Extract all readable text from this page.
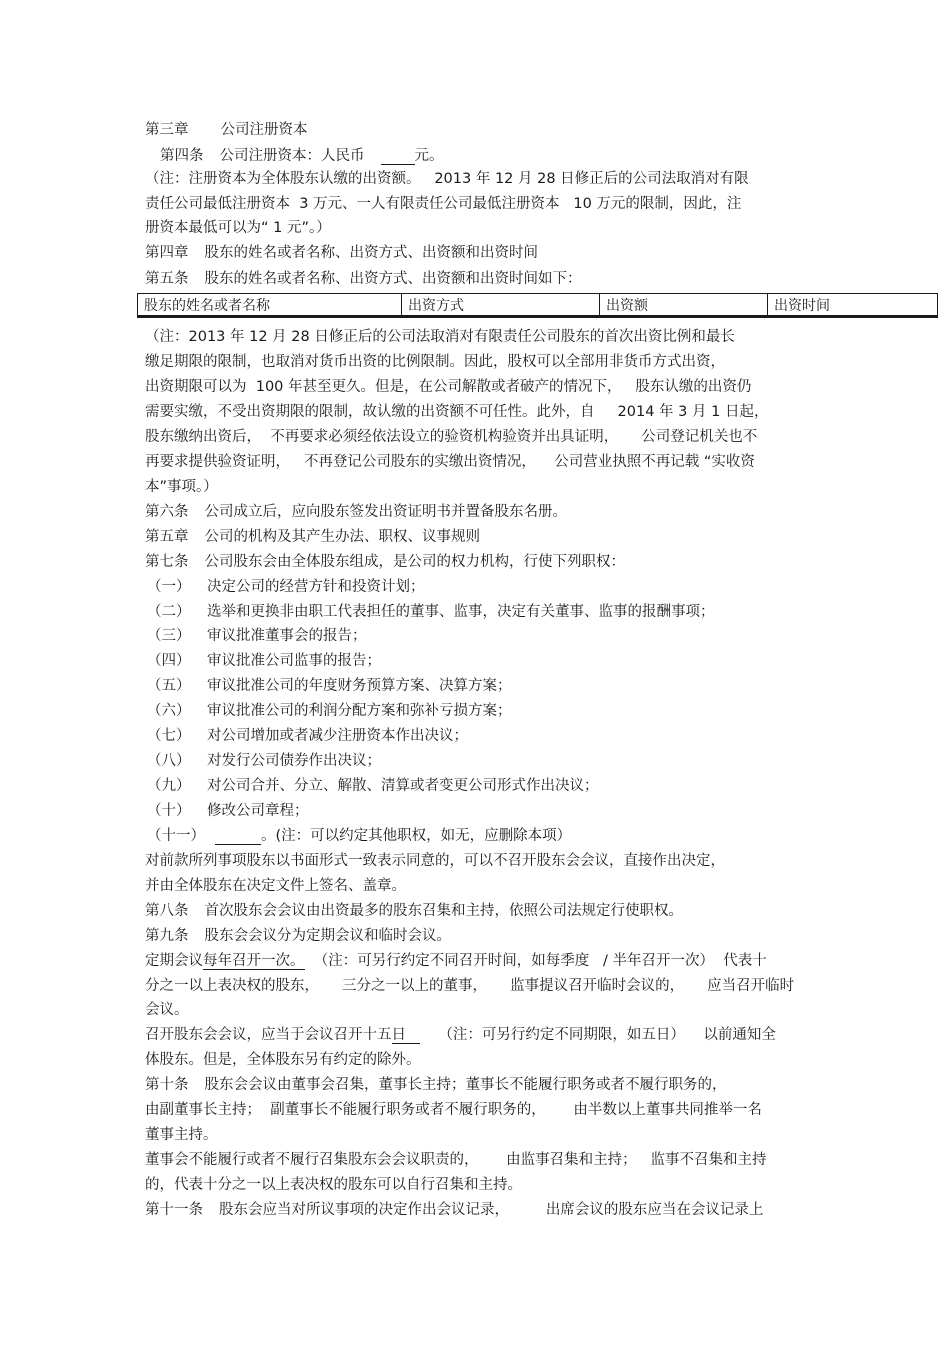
第三章 公司注册资本
第四条 公司注册资本：人民币	元。
（注：注册资本为全体股东认缴的出资额。   2013 年 12 月 28 日修正后的公司法取消对有限
责任公司最低注册资本  3 万元、一人有限责任公司最低注册资本   10 万元的限制，因此，注
册资本最低可以为“ 1 元”。）
第四章 股东的姓名或者名称、出资方式、出资额和出资时间
第五条 股东的姓名或者名称、出资方式、出资额和出资时间如下：
股东的姓名或者名称	出资方式	出资额	出资时间
（注：2013 年 12 月 28 日修正后的公司法取消对有限责任公司股东的首次出资比例和最长
缴足期限的限制，也取消对货币出资的比例限制。因此，股权可以全部用非货币方式出资，
出资期限可以为  100 年甚至更久。但是，在公司解散或者破产的情况下，   股东认缴的出资仍
需要实缴，不受出资期限的限制，故认缴的出资额不可任性。此外，自     2014 年 3 月 1 日起，
股东缴纳出资后，  不再要求必须经依法设立的验资机构验资并出具证明，     公司登记机关也不
再要求提供验资证明，   不再登记公司股东的实缴出资情况，    公司营业执照不再记载 “实收资
本”事项。）
第六条 公司成立后，应向股东签发出资证明书并置备股东名册。
第五章 公司的机构及其产生办法、职权、议事规则
第七条 公司股东会由全体股东组成，是公司的权力机构，行使下列职权：
（一） 决定公司的经营方针和投资计划；
（二） 选举和更换非由职工代表担任的董事、监事，决定有关董事、监事的报酬事项；
（三） 审议批准董事会的报告；
（四） 审议批准公司监事的报告；
（五） 审议批准公司的年度财务预算方案、决算方案；
（六） 审议批准公司的利润分配方案和弥补亏损方案；
（七） 对公司增加或者减少注册资本作出决议；
（八） 对发行公司债券作出决议；
（九） 对公司合并、分立、解散、清算或者变更公司形式作出决议；
（十） 修改公司章程；
（十一）	。(注：可以约定其他职权，如无，应删除本项）
对前款所列事项股东以书面形式一致表示同意的，可以不召开股东会会议，直接作出决定，
并由全体股东在决定文件上签名、盖章。
第八条 首次股东会会议由出资最多的股东召集和主持，依照公司法规定行使职权。
第九条 股东会会议分为定期会议和临时会议。
定期会议每年召开一次。  （注：可另行约定不同召开时间，如每季度   / 半年召开一次）  代表十
分之一以上表决权的股东，     三分之一以上的董事，     监事提议召开临时会议的，     应当召开临时
会议。
召开股东会会议，应当于会议召开十五日    （注：可另行约定不同期限，如五日）    以前通知全
体股东。但是，全体股东另有约定的除外。
第十条 股东会会议由董事会召集，董事长主持；董事长不能履行职务或者不履行职务的，
由副董事长主持；  副董事长不能履行职务或者不履行职务的，      由半数以上董事共同推举一名
董事主持。
董事会不能履行或者不履行召集股东会会议职责的，      由监事召集和主持；   监事不召集和主持
的，代表十分之一以上表决权的股东可以自行召集和主持。
第十一条 股东会应当对所议事项的决定作出会议记录，        出席会议的股东应当在会议记录上
